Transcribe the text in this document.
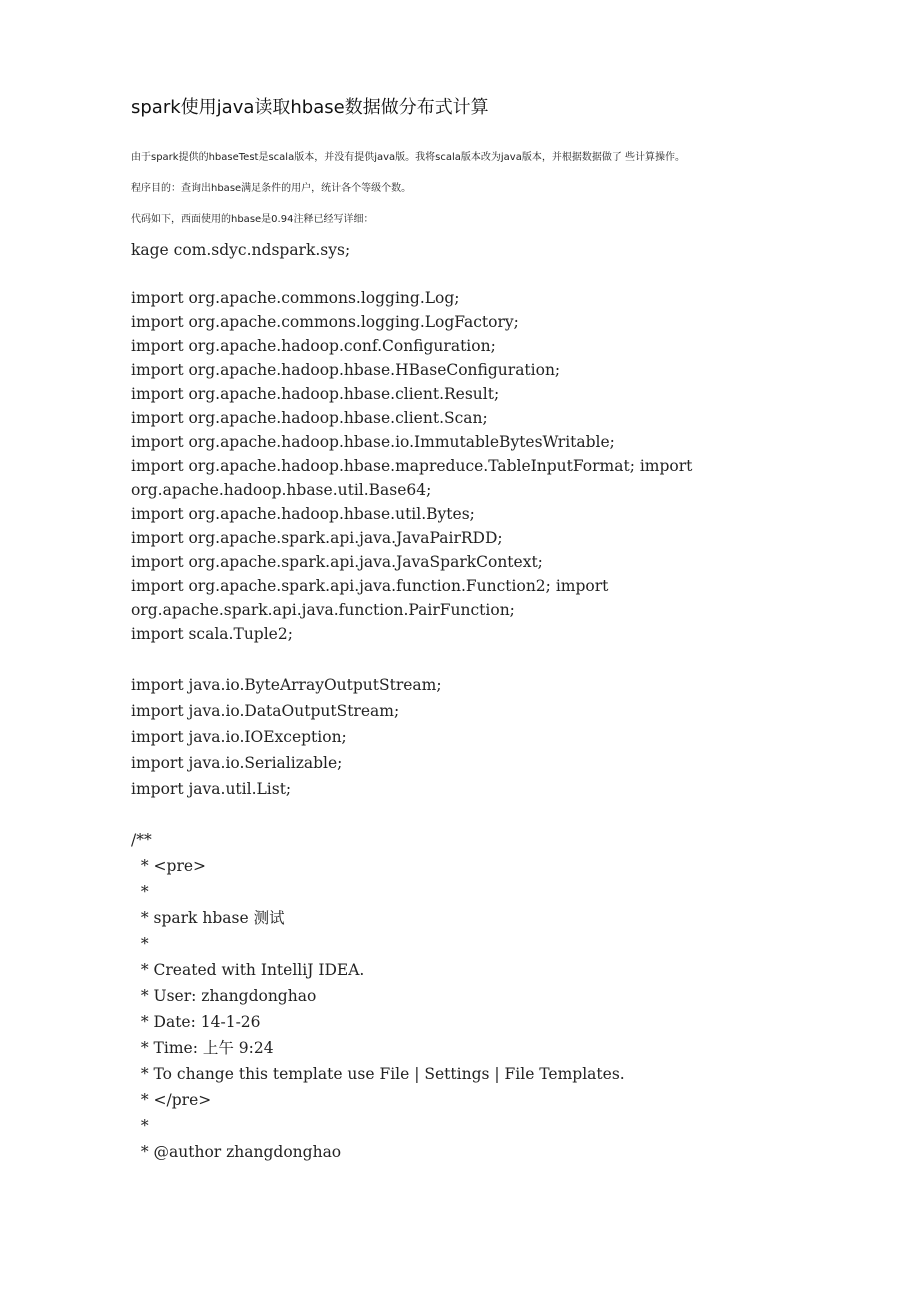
spark使用java读取hbase数据做分布式计算
由于spark提供的hbaseTest是scala版本，并没有提供java版。我将scala版本改为java版本，并根据数据做了 些计算操作。
程序目的：查询出hbase满足条件的用户，统计各个等级个数。
代码如下，西面使用的hbase是0.94注释已经写详细：
kage com.sdyc.ndspark.sys;
import org.apache.commons.logging.Log;
import org.apache.commons.logging.LogFactory;
import org.apache.hadoop.conf.Configuration;
import org.apache.hadoop.hbase.HBaseConfiguration;
import org.apache.hadoop.hbase.client.Result;
import org.apache.hadoop.hbase.client.Scan;
import org.apache.hadoop.hbase.io.ImmutableBytesWritable;
import org.apache.hadoop.hbase.mapreduce.TableInputFormat; import
org.apache.hadoop.hbase.util.Base64;
import org.apache.hadoop.hbase.util.Bytes;
import org.apache.spark.api.java.JavaPairRDD;
import org.apache.spark.api.java.JavaSparkContext;
import org.apache.spark.api.java.function.Function2; import
org.apache.spark.api.java.function.PairFunction;
import scala.Tuple2;
import java.io.ByteArrayOutputStream;
import java.io.DataOutputStream;
import java.io.IOException;
import java.io.Serializable;
import java.util.List;
/**
* <pre>
*
* spark hbase 测试
*
* Created with IntelliJ IDEA.
* User: zhangdonghao
* Date: 14-1-26
* Time: 上午 9:24
* To change this template use File | Settings | File Templates.
* </pre>
*
* @author zhangdonghao
